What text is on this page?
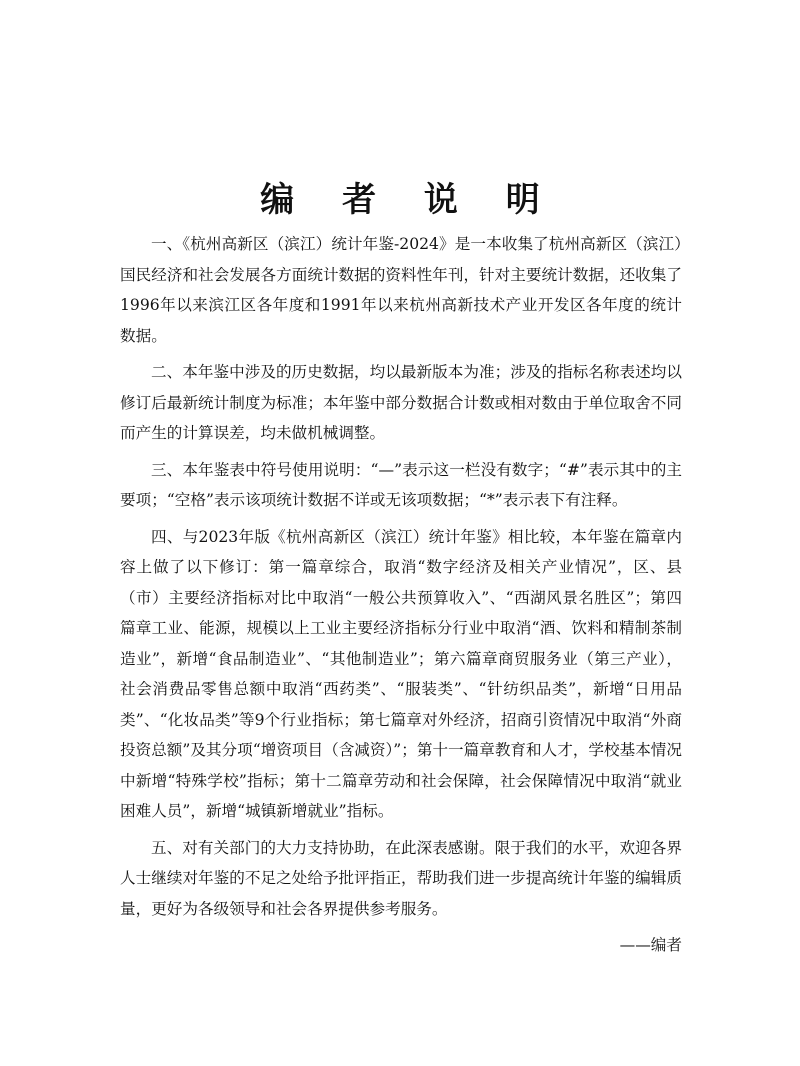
编 者 说 明

一、《杭州高新区（滨江）统计年鉴-2024》是一本收集了杭州高新区（滨江）国民经济和社会发展各方面统计数据的资料性年刊，针对主要统计数据，还收集了1996年以来滨江区各年度和1991年以来杭州高新技术产业开发区各年度的统计数据。

二、本年鉴中涉及的历史数据，均以最新版本为准；涉及的指标名称表述均以修订后最新统计制度为标准；本年鉴中部分数据合计数或相对数由于单位取舍不同而产生的计算误差，均未做机械调整。

三、本年鉴表中符号使用说明：“—”表示这一栏没有数字；“#”表示其中的主要项；“空格”表示该项统计数据不详或无该项数据；“*”表示表下有注释。

四、与2023年版《杭州高新区（滨江）统计年鉴》相比较，本年鉴在篇章内容上做了以下修订：第一篇章综合，取消“数字经济及相关产业情况”，区、县（市）主要经济指标对比中取消“一般公共预算收入”、“西湖风景名胜区”；第四篇章工业、能源，规模以上工业主要经济指标分行业中取消“酒、饮料和精制茶制造业”，新增“食品制造业”、“其他制造业”；第六篇章商贸服务业（第三产业），社会消费品零售总额中取消“西药类”、“服装类”、“针纺织品类”，新增“日用品类”、“化妆品类”等9个行业指标；第七篇章对外经济，招商引资情况中取消“外商投资总额”及其分项“增资项目（含减资）”；第十一篇章教育和人才，学校基本情况中新增“特殊学校”指标；第十二篇章劳动和社会保障，社会保障情况中取消“就业困难人员”，新增“城镇新增就业”指标。

五、对有关部门的大力支持协助，在此深表感谢。限于我们的水平，欢迎各界人士继续对年鉴的不足之处给予批评指正，帮助我们进一步提高统计年鉴的编辑质量，更好为各级领导和社会各界提供参考服务。

——编者
